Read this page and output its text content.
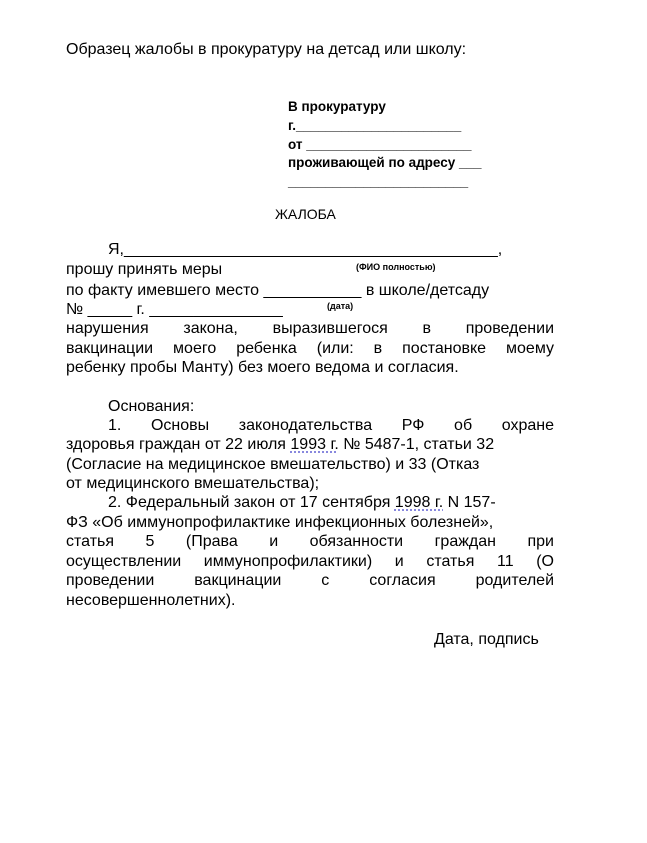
Образец жалобы в прокуратуру на детсад или школу:
В прокуратуру
г.______________________
от ______________________
проживающей по адресу ___
________________________
ЖАЛОБА
Я,__________________________________________,
прошу принять меры	(ФИО полностью)
по факту имевшего место ___________ в школе/детсаду
№ _____ г. _______________	(дата)
нарушения закона, выразившегося в проведении
вакцинации моего ребенка (или: в постановке моему
ребенку пробы Манту) без моего ведома и согласия.
Основания:
1. Основы законодательства РФ об охране
здоровья граждан от 22 июля 1993 г. № 5487-1, статьи 32
(Согласие на медицинское вмешательство) и 33 (Отказ
от медицинского вмешательства);
2. Федеральный закон от 17 сентября 1998 г. N 157-
ФЗ «Об иммунопрофилактике инфекционных болезней»,
статья 5 (Права и обязанности граждан при
осуществлении иммунопрофилактики) и статья 11 (О
проведении вакцинации с согласия родителей
несовершеннолетних).
Дата, подпись
